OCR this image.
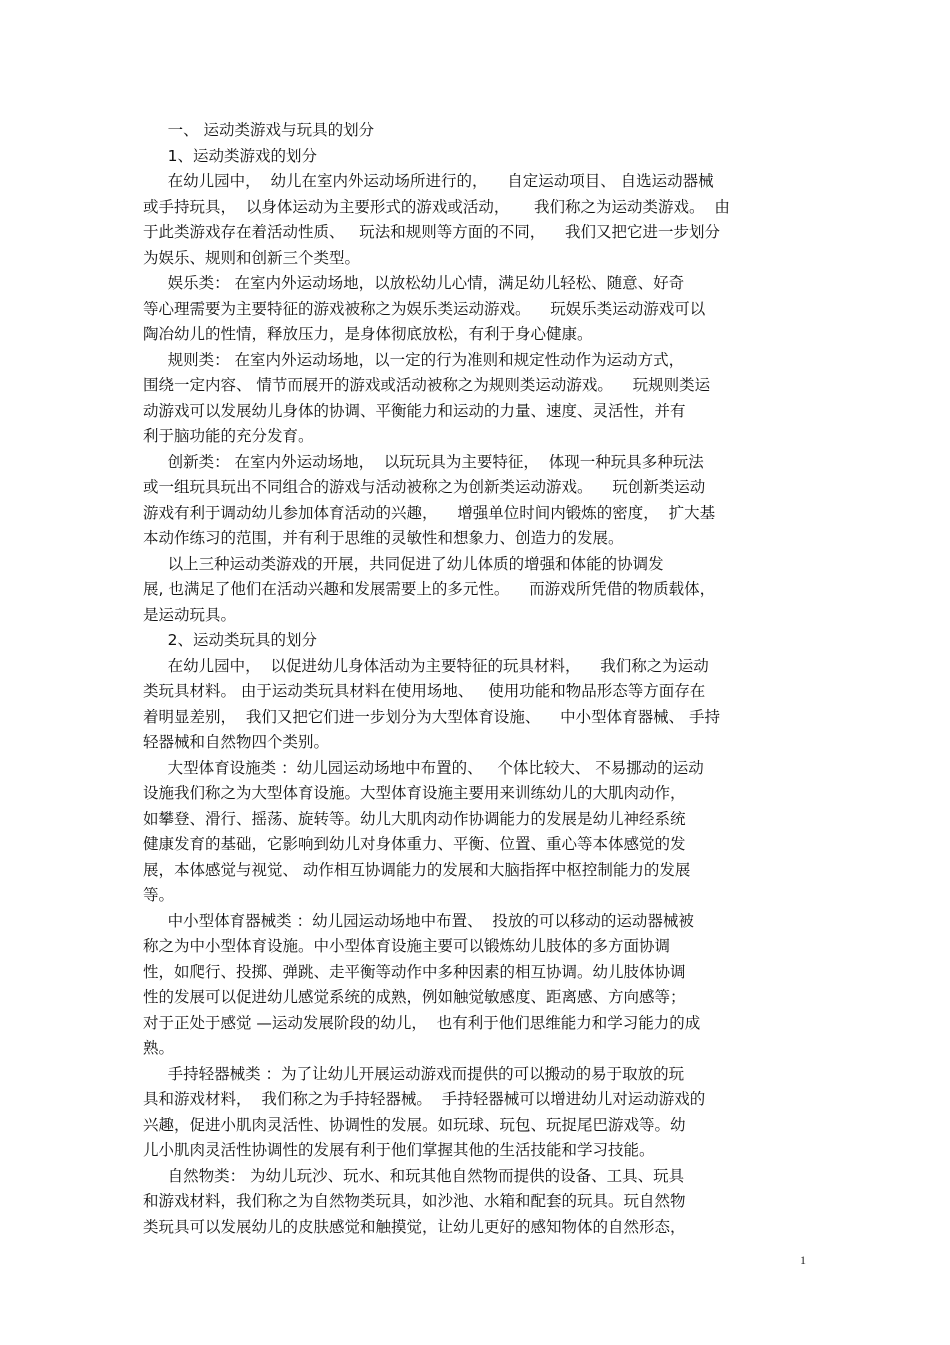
一、 运动类游戏与玩具的划分
1、运动类游戏的划分
在幼儿园中，  幼儿在室内外运动场所进行的，    自定运动项目、 自选运动器械
或手持玩具，  以身体运动为主要形式的游戏或活动，     我们称之为运动类游戏。  由
于此类游戏存在着活动性质、   玩法和规则等方面的不同，    我们又把它进一步划分
为娱乐、规则和创新三个类型。
娱乐类： 在室内外运动场地，以放松幼儿心情，满足幼儿轻松、随意、好奇
等心理需要为主要特征的游戏被称之为娱乐类运动游戏。    玩娱乐类运动游戏可以
陶冶幼儿的性情，释放压力，是身体彻底放松，有利于身心健康。
规则类： 在室内外运动场地，以一定的行为准则和规定性动作为运动方式，
围绕一定内容、 情节而展开的游戏或活动被称之为规则类运动游戏。    玩规则类运
动游戏可以发展幼儿身体的协调、平衡能力和运动的力量、速度、灵活性，并有
利于脑功能的充分发育。
创新类： 在室内外运动场地，  以玩玩具为主要特征，  体现一种玩具多种玩法
或一组玩具玩出不同组合的游戏与活动被称之为创新类运动游戏。    玩创新类运动
游戏有利于调动幼儿参加体育活动的兴趣，    增强单位时间内锻炼的密度，  扩大基
本动作练习的范围，并有利于思维的灵敏性和想象力、创造力的发展。
以上三种运动类游戏的开展，共同促进了幼儿体质的增强和体能的协调发
展, 也满足了他们在活动兴趣和发展需要上的多元性。    而游戏所凭借的物质载体，
是运动玩具。
2、运动类玩具的划分
在幼儿园中，  以促进幼儿身体活动为主要特征的玩具材料，    我们称之为运动
类玩具材料。 由于运动类玩具材料在使用场地、   使用功能和物品形态等方面存在
着明显差别，  我们又把它们进一步划分为大型体育设施、    中小型体育器械、 手持
轻器械和自然物四个类别。
大型体育设施类 ：幼儿园运动场地中布置的、   个体比较大、 不易挪动的运动
设施我们称之为大型体育设施。大型体育设施主要用来训练幼儿的大肌肉动作，
如攀登、滑行、摇荡、旋转等。幼儿大肌肉动作协调能力的发展是幼儿神经系统
健康发育的基础，它影响到幼儿对身体重力、平衡、位置、重心等本体感觉的发
展，本体感觉与视觉、 动作相互协调能力的发展和大脑指挥中枢控制能力的发展
等。
中小型体育器械类 ：幼儿园运动场地中布置、  投放的可以移动的运动器械被
称之为中小型体育设施。中小型体育设施主要可以锻炼幼儿肢体的多方面协调
性，如爬行、投掷、弹跳、走平衡等动作中多种因素的相互协调。幼儿肢体协调
性的发展可以促进幼儿感觉系统的成熟，例如触觉敏感度、距离感、方向感等；
对于正处于感觉 —运动发展阶段的幼儿，  也有利于他们思维能力和学习能力的成
熟。
手持轻器械类 ：为了让幼儿开展运动游戏而提供的可以搬动的易于取放的玩
具和游戏材料，  我们称之为手持轻器械。  手持轻器械可以增进幼儿对运动游戏的
兴趣，促进小肌肉灵活性、协调性的发展。如玩球、玩包、玩捉尾巴游戏等。幼
儿小肌肉灵活性协调性的发展有利于他们掌握其他的生活技能和学习技能。
自然物类： 为幼儿玩沙、玩水、和玩其他自然物而提供的设备、工具、玩具
和游戏材料，我们称之为自然物类玩具，如沙池、水箱和配套的玩具。玩自然物
类玩具可以发展幼儿的皮肤感觉和触摸觉，让幼儿更好的感知物体的自然形态，
1
